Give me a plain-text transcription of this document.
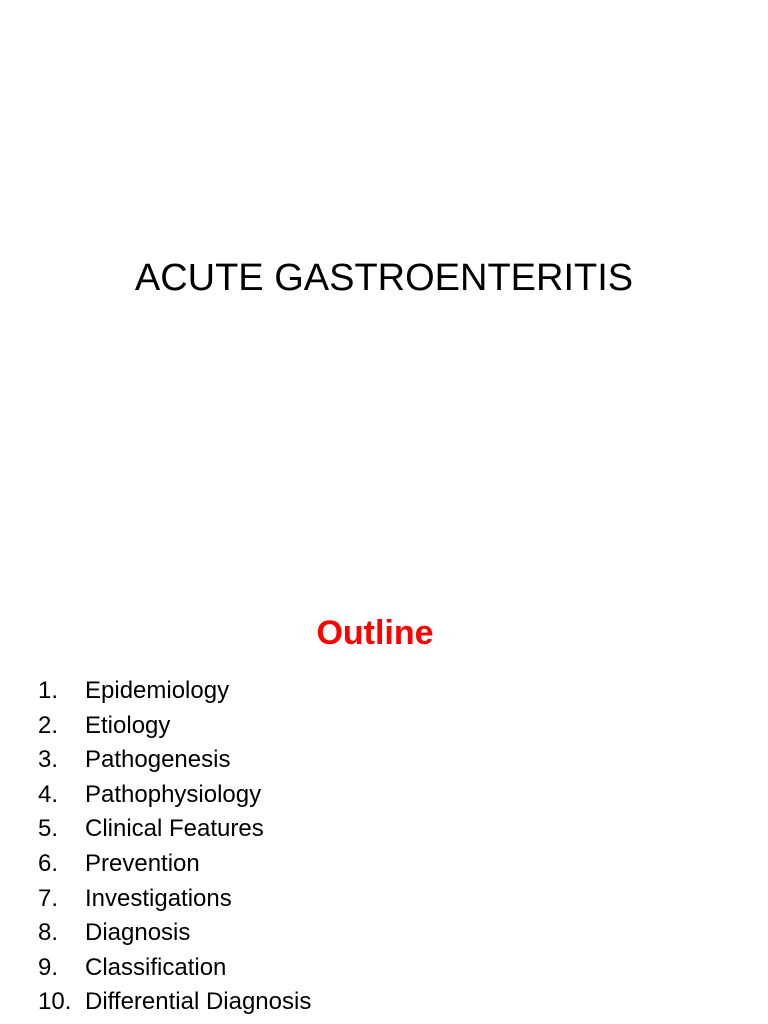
ACUTE GASTROENTERITIS
Outline
1.	Epidemiology
2.	Etiology
3.	Pathogenesis
4.	Pathophysiology
5.	Clinical Features
6.	Prevention
7.	Investigations
8.	Diagnosis
9.	Classification
10. Differential Diagnosis
